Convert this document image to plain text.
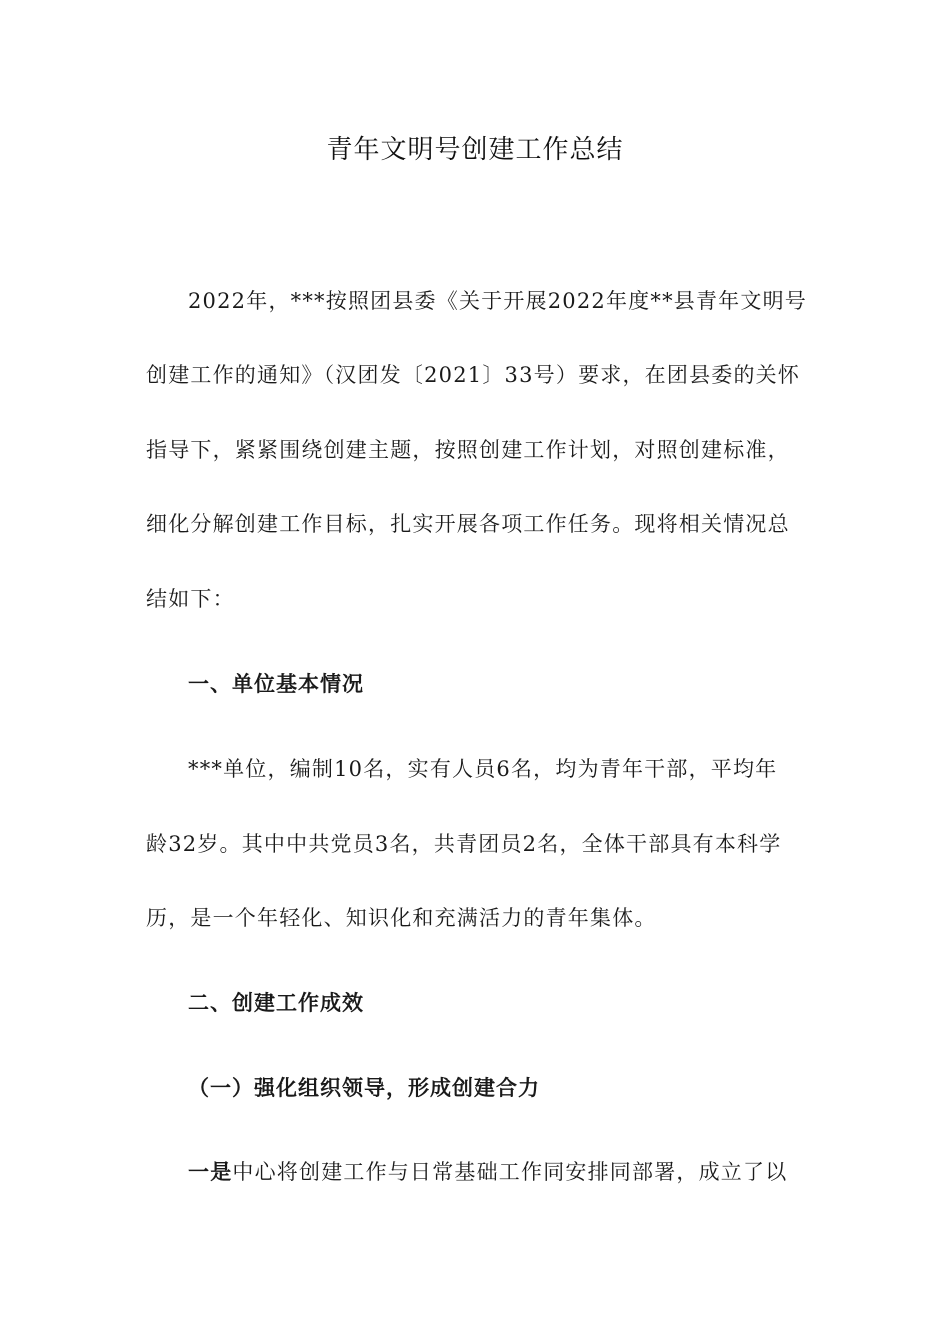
青年文明号创建工作总结
2022年，***按照团县委《关于开展2022年度**县青年文明号
创建工作的通知》（汉团发〔2021〕33号）要求，在团县委的关怀
指导下，紧紧围绕创建主题，按照创建工作计划，对照创建标准，
细化分解创建工作目标，扎实开展各项工作任务。现将相关情况总
结如下：
一、单位基本情况
***单位，编制10名，实有人员6名，均为青年干部，平均年
龄32岁。其中中共党员3名，共青团员2名，全体干部具有本科学
历，是一个年轻化、知识化和充满活力的青年集体。
二、创建工作成效
（一）强化组织领导，形成创建合力
一是中心将创建工作与日常基础工作同安排同部署，成立了以
